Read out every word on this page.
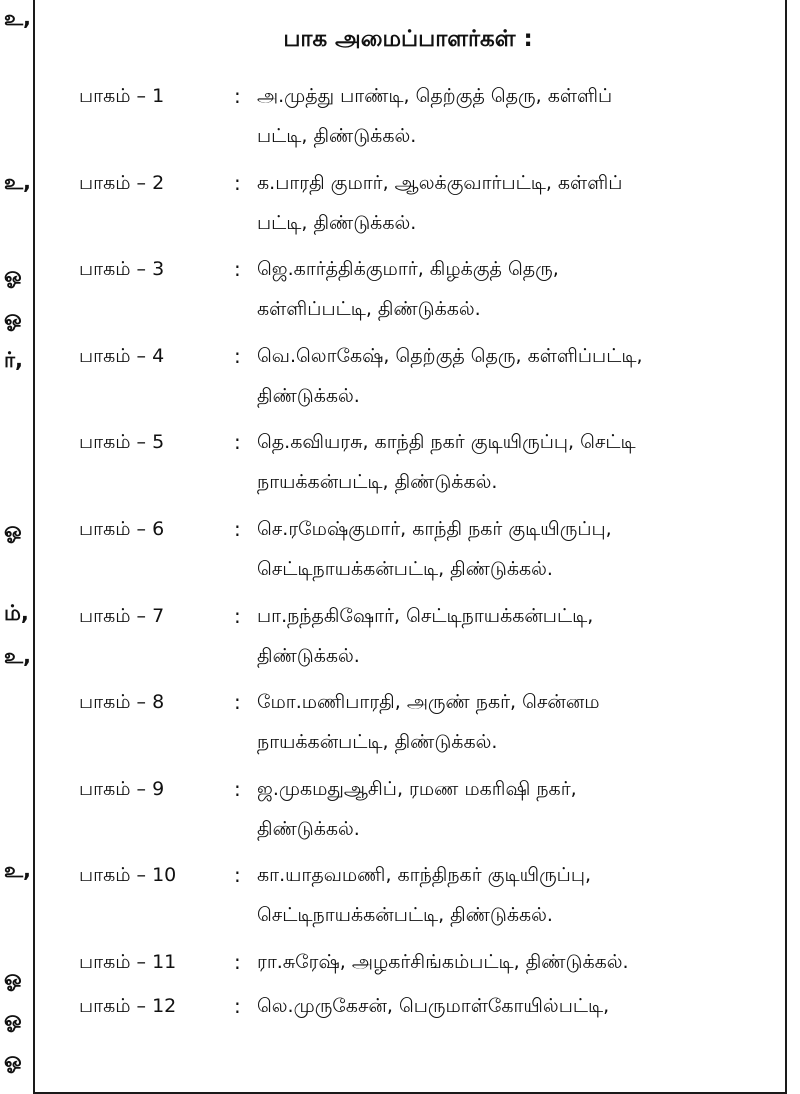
உ,
உ,
ஓ
ஓ
ர்,
ஓ
ம்,
உ,
உ,
ஓ
ஓ
ஓ
பாக அமைப்பாளர்கள் :
பாகம் – 1	: அ.முத்து பாண்டி, தெற்குத் தெரு, கள்ளிப்
பட்டி, திண்டுக்கல்.
பாகம் – 2	: க.பாரதி குமார், ஆலக்குவார்பட்டி, கள்ளிப்
பட்டி, திண்டுக்கல்.
பாகம் – 3	: ஜெ.கார்த்திக்குமார், கிழக்குத் தெரு,
கள்ளிப்பட்டி, திண்டுக்கல்.
பாகம் – 4	: வெ.லொகேஷ், தெற்குத் தெரு, கள்ளிப்பட்டி,
திண்டுக்கல்.
பாகம் – 5	: தெ.கவியரசு, காந்தி நகர் குடியிருப்பு, செட்டி
நாயக்கன்பட்டி, திண்டுக்கல்.
பாகம் – 6	: செ.ரமேஷ்குமார், காந்தி நகர் குடியிருப்பு,
செட்டிநாயக்கன்பட்டி, திண்டுக்கல்.
பாகம் – 7	: பா.நந்தகிஷோர், செட்டிநாயக்கன்பட்டி,
திண்டுக்கல்.
பாகம் – 8	: மோ.மணிபாரதி, அருண் நகர், சென்னம
நாயக்கன்பட்டி, திண்டுக்கல்.
பாகம் – 9	: ஜ.முகமதுஆசிப், ரமண மகரிஷி நகர்,
திண்டுக்கல்.
பாகம் – 10	: கா.யாதவமணி, காந்திநகர் குடியிருப்பு,
செட்டிநாயக்கன்பட்டி, திண்டுக்கல்.
பாகம் – 11	: ரா.சுரேஷ், அழகர்சிங்கம்பட்டி, திண்டுக்கல்.
பாகம் – 12	: லெ.முருகேசன், பெருமாள்கோயில்பட்டி,
